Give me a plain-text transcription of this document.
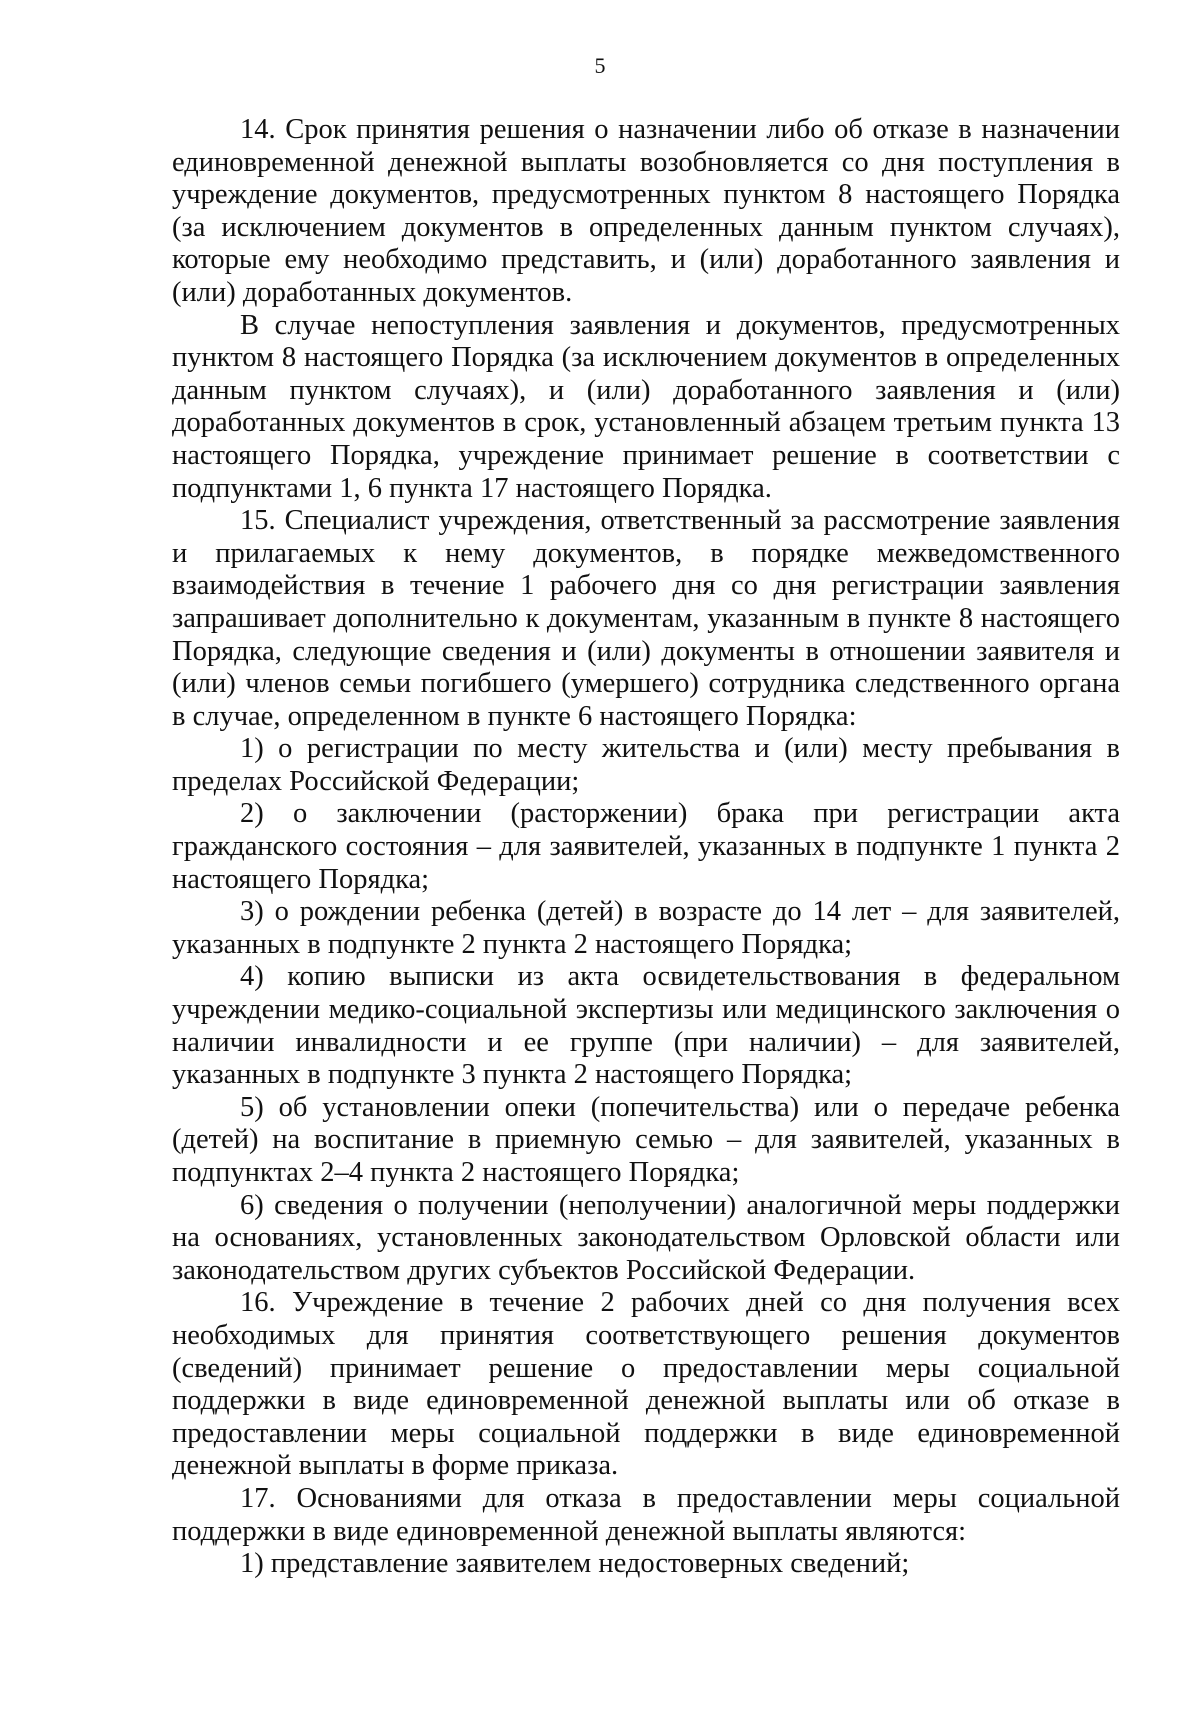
5

14. Срок принятия решения о назначении либо об отказе в назначении единовременной денежной выплаты возобновляется со дня поступления в учреждение документов, предусмотренных пунктом 8 настоящего Порядка (за исключением документов в определенных данным пунктом случаях), которые ему необходимо представить, и (или) доработанного заявления и (или) доработанных документов.

В случае непоступления заявления и документов, предусмотренных пунктом 8 настоящего Порядка (за исключением документов в определенных данным пунктом случаях), и (или) доработанного заявления и (или) доработанных документов в срок, установленный абзацем третьим пункта 13 настоящего Порядка, учреждение принимает решение в соответствии с подпунктами 1, 6 пункта 17 настоящего Порядка.

15. Специалист учреждения, ответственный за рассмотрение заявления и прилагаемых к нему документов, в порядке межведомственного взаимодействия в течение 1 рабочего дня со дня регистрации заявления запрашивает дополнительно к документам, указанным в пункте 8 настоящего Порядка, следующие сведения и (или) документы в отношении заявителя и (или) членов семьи погибшего (умершего) сотрудника следственного органа в случае, определенном в пункте 6 настоящего Порядка:

1) о регистрации по месту жительства и (или) месту пребывания в пределах Российской Федерации;

2) о заключении (расторжении) брака при регистрации акта гражданского состояния – для заявителей, указанных в подпункте 1 пункта 2 настоящего Порядка;

3) о рождении ребенка (детей) в возрасте до 14 лет – для заявителей, указанных в подпункте 2 пункта 2 настоящего Порядка;

4) копию выписки из акта освидетельствования в федеральном учреждении медико-социальной экспертизы или медицинского заключения о наличии инвалидности и ее группе (при наличии) – для заявителей, указанных в подпункте 3 пункта 2 настоящего Порядка;

5) об установлении опеки (попечительства) или о передаче ребенка (детей) на воспитание в приемную семью – для заявителей, указанных в подпунктах 2–4 пункта 2 настоящего Порядка;

6) сведения о получении (неполучении) аналогичной меры поддержки на основаниях, установленных законодательством Орловской области или законодательством других субъектов Российской Федерации.

16. Учреждение в течение 2 рабочих дней со дня получения всех необходимых для принятия соответствующего решения документов (сведений) принимает решение о предоставлении меры социальной поддержки в виде единовременной денежной выплаты или об отказе в предоставлении меры социальной поддержки в виде единовременной денежной выплаты в форме приказа.

17. Основаниями для отказа в предоставлении меры социальной поддержки в виде единовременной денежной выплаты являются:

1) представление заявителем недостоверных сведений;
